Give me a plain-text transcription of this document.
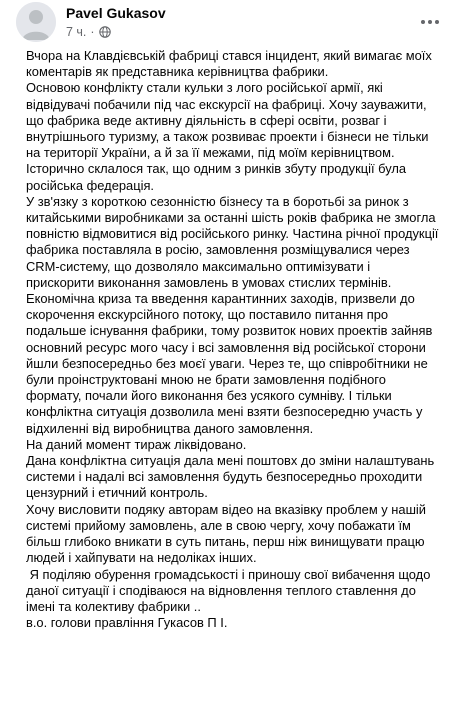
Pavel Gukasov
7 ч. ·

Вчора на Клавдієвській фабриці стався інцидент, який вимагає моїх коментарів як представника керівництва фабрики.

Основою конфлікту стали кульки з лого російської армії, які відвідувачі побачили під час екскурсії на фабриці. Хочу зауважити, що фабрика веде активну діяльність в сфері освіти, розваг і внутрішнього туризму, а також розвиває проекти і бізнеси не тільки на території України, а й за її межами, під моїм керівництвом. Історично склалося так, що одним з ринків збуту продукції була російська федерація.

У зв'язку з короткою сезонністю бізнесу та в боротьбі за ринок з китайськими виробниками за останні шість років фабрика не змогла повністю відмовитися від російського ринку. Частина річної продукції фабрика поставляла в росію, замовлення розміщувалися через CRM-систему, що дозволяло максимально оптимізувати і прискорити виконання замовлень в умовах стислих термінів.

Економічна криза та введення карантинних заходів, призвели до скорочення екскурсійного потоку, що поставило питання про подальше існування фабрики, тому розвиток нових проектів зайняв основний ресурс мого часу і всі замовлення від російської сторони йшли безпосередньо без моєї уваги. Через те, що співробітники не були проінструктовані мною не брати замовлення подібного формату, почали його виконання без усякого сумніву. І тільки конфліктна ситуація дозволила мені взяти безпосередню участь у відхиленні від виробництва даного замовлення.

На даний момент тираж ліквідовано.

Дана конфліктна ситуація дала мені поштовх до зміни налаштувань системи і надалі всі замовлення будуть безпосередньо проходити цензурний і етичний контроль.

Хочу висловити подяку авторам відео на вказівку проблем у нашій системі прийому замовлень, але в свою чергу, хочу побажати їм більш глибоко вникати в суть питань, перш ніж винищувати працю людей і хайпувати на недоліках інших.

Я поділяю обурення громадськості і приношу свої вибачення щодо даної ситуації і сподіваюся на відновлення теплого ставлення до імені та колективу фабрики ..

в.о. голови правління Гукасов П І.
